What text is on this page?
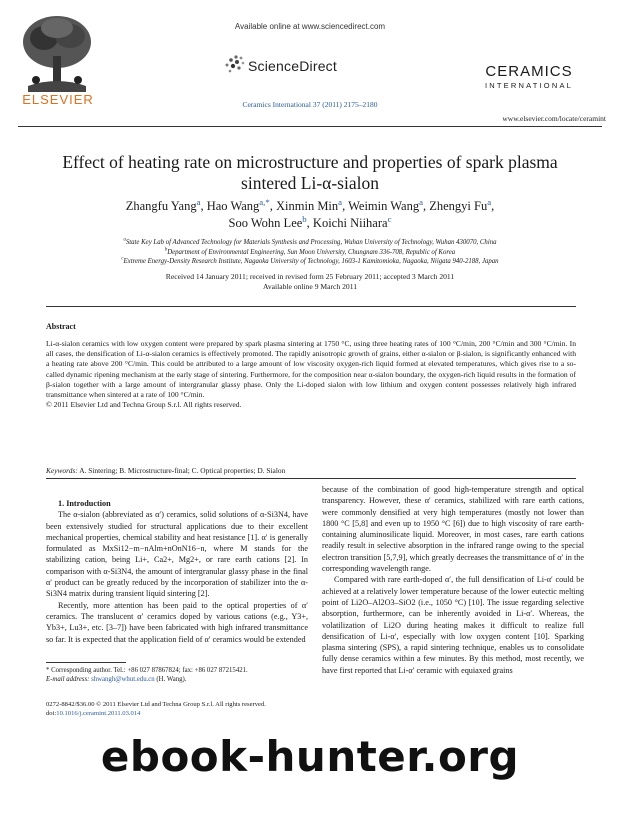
ELSEVIER
Available online at www.sciencedirect.com
ScienceDirect
Ceramics International 37 (2011) 2175–2180
CERAMICS
INTERNATIONAL
www.elsevier.com/locate/ceramint
Effect of heating rate on microstructure and properties of spark plasma
sintered Li-α-sialon
Zhangfu Yang$^a$, Hao Wang$^{a,*}$, Xinmin Min$^a$, Weimin Wang$^a$, Zhengyi Fu$^a$,
Soo Wohn Lee$^b$, Koichi Niihara$^c$
$^a$State Key Lab of Advanced Technology for Materials Synthesis and Processing, Wuhan University of Technology, Wuhan 430070, China
$^b$Department of Environmental Engineering, Sun Moon University, Chungnam 336-708, Republic of Korea
$^c$Extreme Energy-Density Research Institute, Nagaoka University of Technology, 1603-1 Kamitomioka, Nagaoka, Niigata 940-2188, Japan
Received 14 January 2011; received in revised form 25 February 2011; accepted 3 March 2011
Available online 9 March 2011
Abstract

Li-α-sialon ceramics with low oxygen content were prepared by spark plasma sintering at 1750 °C, using three heating rates of 100 °C/min, 200 °C/min and 300 °C/min. In all cases, the densification of Li-α-sialon ceramics is effectively promoted. The rapidly anisotropic growth of grains, either α-sialon or β-sialon, is significantly enhanced with a heating rate above 200 °C/min. This could be attributed to a large amount of low viscosity oxygen-rich liquid formed at elevated temperatures, which gives rise to a so-called dynamic ripening mechanism at the early stage of sintering. Furthermore, for the composition near α-sialon boundary, the oxygen-rich liquid results in the formation of β-sialon together with a large amount of intergranular glassy phase. Only the Li-doped sialon with low lithium and oxygen content possesses relatively high infrared transmittance when sintered at a rate of 100 °C/min.

© 2011 Elsevier Ltd and Techna Group S.r.l. All rights reserved.

Keywords: A. Sintering; B. Microstructure-final; C. Optical properties; D. Sialon

1. Introduction

The α-sialon (abbreviated as α′) ceramics, solid solutions of α-Si3N4, have been extensively studied for structural applications due to their excellent mechanical properties, chemical stability and heat resistance [1]. α′ is generally formulated as MxSi12−m−nAlm+nOnN16−n, where M stands for the stabilizing cation, being Li+, Ca2+, Mg2+, or rare earth cations [2]. In comparison with α-Si3N4, the amount of intergranular glassy phase in the final α′ product can be greatly reduced by the incorporation of stabilizer into the α-Si3N4 matrix during transient liquid sintering [2].

Recently, more attention has been paid to the optical properties of α′ ceramics. The translucent α′ ceramics doped by various cations (e.g., Y3+, Yb3+, Lu3+, etc. [3–7]) have been fabricated with high infrared transmittance so far. It is expected that the application field of α′ ceramics would be extended

because of the combination of good high-temperature strength and optical transparency. However, these α′ ceramics, stabilized with rare earth cations, were commonly densified at very high temperatures (mostly not lower than 1800 °C [5,8] and even up to 1950 °C [6]) due to high viscosity of rare earth-containing aluminosilicate liquid. Moreover, in most cases, rare earth cations readily result in selective absorption in the infrared range owing to the special electron transition [5,7,9], which greatly decreases the transmittance of α′ in the corresponding wavelength range.

Compared with rare earth-doped α′, the full densification of Li-α′ could be achieved at a relatively lower temperature because of the lower eutectic melting point of Li2O–Al2O3–SiO2 (i.e., 1050 °C) [10]. The issue regarding selective absorption, furthermore, can be inherently avoided in Li-α′. Whereas, the volatilization of Li2O during heating makes it difficult to realize full densification of Li-α′, especially with low oxygen content [10]. Sparking plasma sintering (SPS), a rapid sintering technique, enables us to consolidate fully dense ceramics within a few minutes. By this method, most recently, we have first reported that Li-α′ ceramic with equiaxed grains

* Corresponding author. Tel.: +86 027 87867824; fax: +86 027 87215421.
E-mail address: shwangh@whut.edu.cn (H. Wang).
0272-8842/$36.00 © 2011 Elsevier Ltd and Techna Group S.r.l. All rights reserved.
doi:10.1016/j.ceramint.2011.03.014
ebook-hunter.org
